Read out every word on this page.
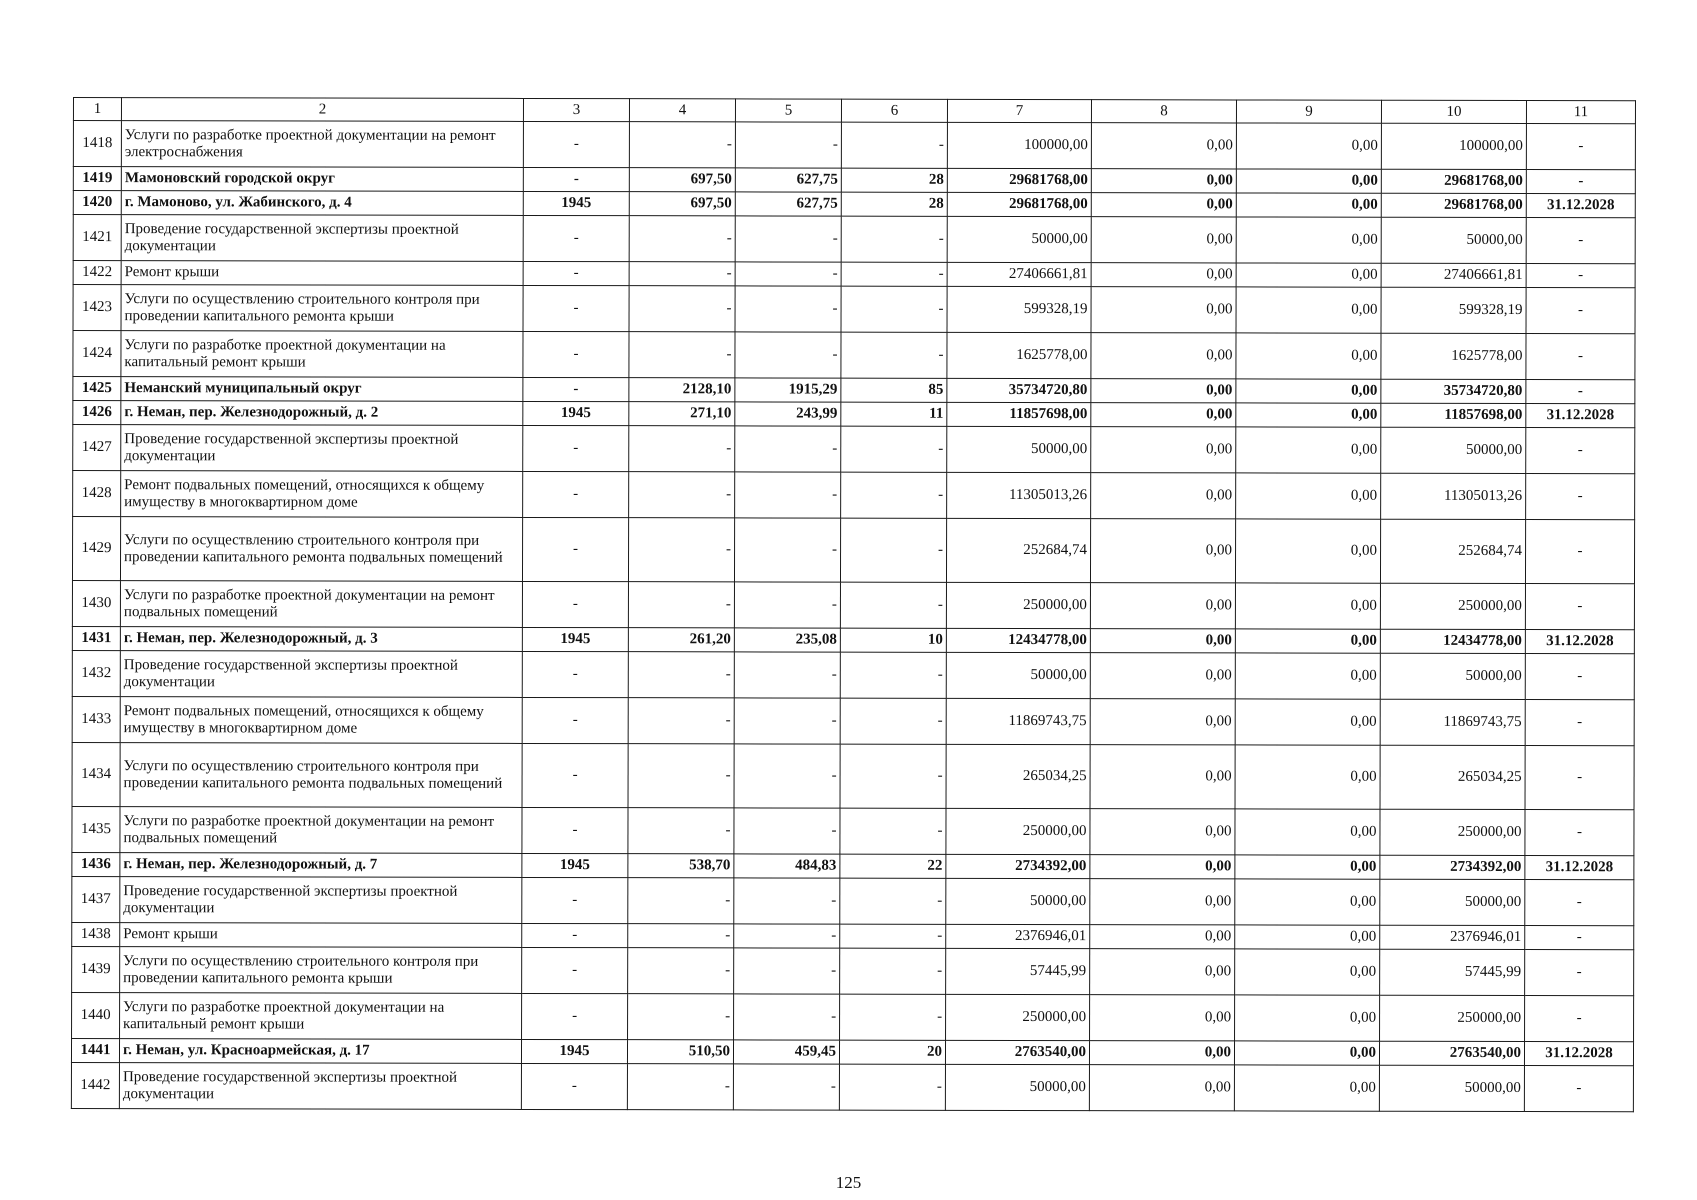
1	2	3	4	5	6	7	8	9	10	11
1418	Услуги по разработке проектной документации на ремонт электроснабжения	-	-	-	-	100000,00	0,00	0,00	100000,00	-
1419	Мамоновский городской округ	-	697,50	627,75	28	29681768,00	0,00	0,00	29681768,00	-
1420	г. Мамоново, ул. Жабинского, д. 4	1945	697,50	627,75	28	29681768,00	0,00	0,00	29681768,00	31.12.2028
1421	Проведение государственной экспертизы проектной документации	-	-	-	-	50000,00	0,00	0,00	50000,00	-
1422	Ремонт крыши	-	-	-	-	27406661,81	0,00	0,00	27406661,81	-
1423	Услуги по осуществлению строительного контроля при проведении капитального ремонта крыши	-	-	-	-	599328,19	0,00	0,00	599328,19	-
1424	Услуги по разработке проектной документации на капитальный ремонт крыши	-	-	-	-	1625778,00	0,00	0,00	1625778,00	-
1425	Неманский муниципальный округ	-	2128,10	1915,29	85	35734720,80	0,00	0,00	35734720,80	-
1426	г. Неман, пер. Железнодорожный, д. 2	1945	271,10	243,99	11	11857698,00	0,00	0,00	11857698,00	31.12.2028
1427	Проведение государственной экспертизы проектной документации	-	-	-	-	50000,00	0,00	0,00	50000,00	-
1428	Ремонт подвальных помещений, относящихся к общему имуществу в многоквартирном доме	-	-	-	-	11305013,26	0,00	0,00	11305013,26	-
1429	Услуги по осуществлению строительного контроля при проведении капитального ремонта подвальных помещений	-	-	-	-	252684,74	0,00	0,00	252684,74	-
1430	Услуги по разработке проектной документации на ремонт подвальных помещений	-	-	-	-	250000,00	0,00	0,00	250000,00	-
1431	г. Неман, пер. Железнодорожный, д. 3	1945	261,20	235,08	10	12434778,00	0,00	0,00	12434778,00	31.12.2028
1432	Проведение государственной экспертизы проектной документации	-	-	-	-	50000,00	0,00	0,00	50000,00	-
1433	Ремонт подвальных помещений, относящихся к общему имуществу в многоквартирном доме	-	-	-	-	11869743,75	0,00	0,00	11869743,75	-
1434	Услуги по осуществлению строительного контроля при проведении капитального ремонта подвальных помещений	-	-	-	-	265034,25	0,00	0,00	265034,25	-
1435	Услуги по разработке проектной документации на ремонт подвальных помещений	-	-	-	-	250000,00	0,00	0,00	250000,00	-
1436	г. Неман, пер. Железнодорожный, д. 7	1945	538,70	484,83	22	2734392,00	0,00	0,00	2734392,00	31.12.2028
1437	Проведение государственной экспертизы проектной документации	-	-	-	-	50000,00	0,00	0,00	50000,00	-
1438	Ремонт крыши	-	-	-	-	2376946,01	0,00	0,00	2376946,01	-
1439	Услуги по осуществлению строительного контроля при проведении капитального ремонта крыши	-	-	-	-	57445,99	0,00	0,00	57445,99	-
1440	Услуги по разработке проектной документации на капитальный ремонт крыши	-	-	-	-	250000,00	0,00	0,00	250000,00	-
1441	г. Неман, ул. Красноармейская, д. 17	1945	510,50	459,45	20	2763540,00	0,00	0,00	2763540,00	31.12.2028
1442	Проведение государственной экспертизы проектной документации	-	-	-	-	50000,00	0,00	0,00	50000,00	-
125
